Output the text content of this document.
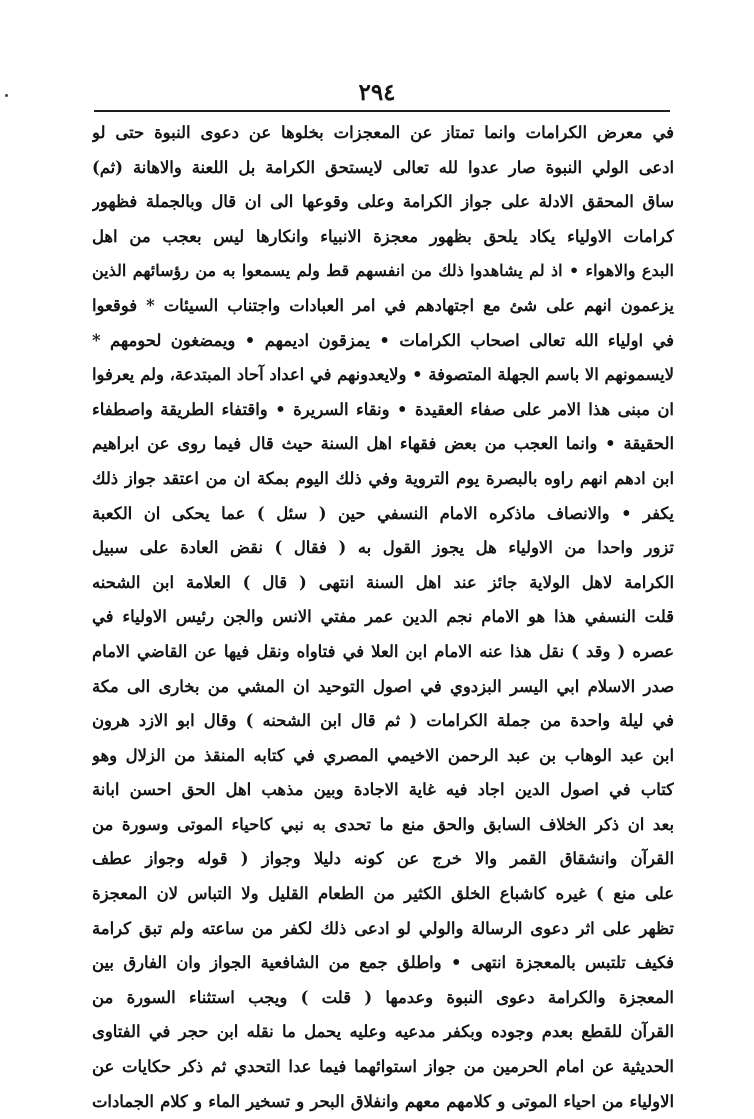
۲۹٤
في معرض الكرامات وانما تمتاز عن المعجزات بخلوها عن دعوى النبوة حتى لو
ادعى الولي النبوة صار عدوا لله تعالى لايستحق الكرامة بل اللعنة والاهانة (ثم)
ساق المحقق الادلة على جواز الكرامة وعلى وقوعها الى ان قال وبالجملة فظهور
كرامات الاولياء يكاد يلحق بظهور معجزة الانبياء وانكارها ليس بعجب من اهل
البدع والاهواء • اذ لم يشاهدوا ذلك من انفسهم قط ولم يسمعوا به من رؤسائهم الذين
يزعمون انهم على شئ مع اجتهادهم في امر العبادات واجتناب السيئات * فوقعوا
في اولياء الله تعالى اصحاب الكرامات • يمزقون اديمهم • ويمضغون لحومهم *
لايسمونهم الا باسم الجهلة المتصوفة • ولايعدونهم في اعداد آحاد المبتدعة، ولم يعرفوا
ان مبنى هذا الامر على صفاء العقيدة • ونقاء السريرة • واقتفاء الطريقة واصطفاء
الحقيقة • وانما العجب من بعض فقهاء اهل السنة حيث قال فيما روى عن ابراهيم
ابن ادهم انهم راوه بالبصرة يوم التروية وفي ذلك اليوم بمكة ان من اعتقد جواز ذلك
يكفر • والانصاف ماذكره الامام النسفي حين ( سئل ) عما يحكى ان الكعبة
تزور واحدا من الاولياء هل يجوز القول به ( فقال ) نقض العادة على سبيل
الكرامة لاهل الولاية جائز عند اهل السنة انتهى ( قال ) العلامة ابن الشحنه
قلت النسفي هذا هو الامام نجم الدين عمر مفتي الانس والجن رئيس الاولياء في
عصره ( وقد ) نقل هذا عنه الامام ابن العلا في فتاواه ونقل فيها عن القاضي الامام
صدر الاسلام ابي اليسر البزدوي في اصول التوحيد ان المشي من بخارى الى مكة
في ليلة واحدة من جملة الكرامات ( ثم قال ابن الشحنه ) وقال ابو الازد هرون
ابن عبد الوهاب بن عبد الرحمن الاخيمي المصري في كتابه المنقذ من الزلال وهو
كتاب في اصول الدين اجاد فيه غاية الاجادة وبين مذهب اهل الحق احسن ابانة
بعد ان ذكر الخلاف السابق والحق منع ما تحدى به نبي كاحياء الموتى وسورة من
القرآن وانشقاق القمر والا خرج عن كونه دليلا وجواز ( قوله وجواز عطف
على منع ) غيره كاشباع الخلق الكثير من الطعام القليل ولا التباس لان المعجزة
تظهر على اثر دعوى الرسالة والولي لو ادعى ذلك لكفر من ساعته ولم تبق كرامة
فكيف تلتبس بالمعجزة انتهى • واطلق جمع من الشافعية الجواز وان الفارق بين
المعجزة والكرامة دعوى النبوة وعدمها ( قلت ) ويجب استثناء السورة من
القرآن للقطع بعدم وجوده وبكفر مدعيه وعليه يحمل ما نقله ابن حجر في الفتاوى
الحديثية عن امام الحرمين من جواز استوائهما فيما عدا التحدي ثم ذكر حكايات عن
الاولياء من احياء الموتى و كلامهم معهم وانفلاق البحر و تسخير الماء و كلام الجمادات
